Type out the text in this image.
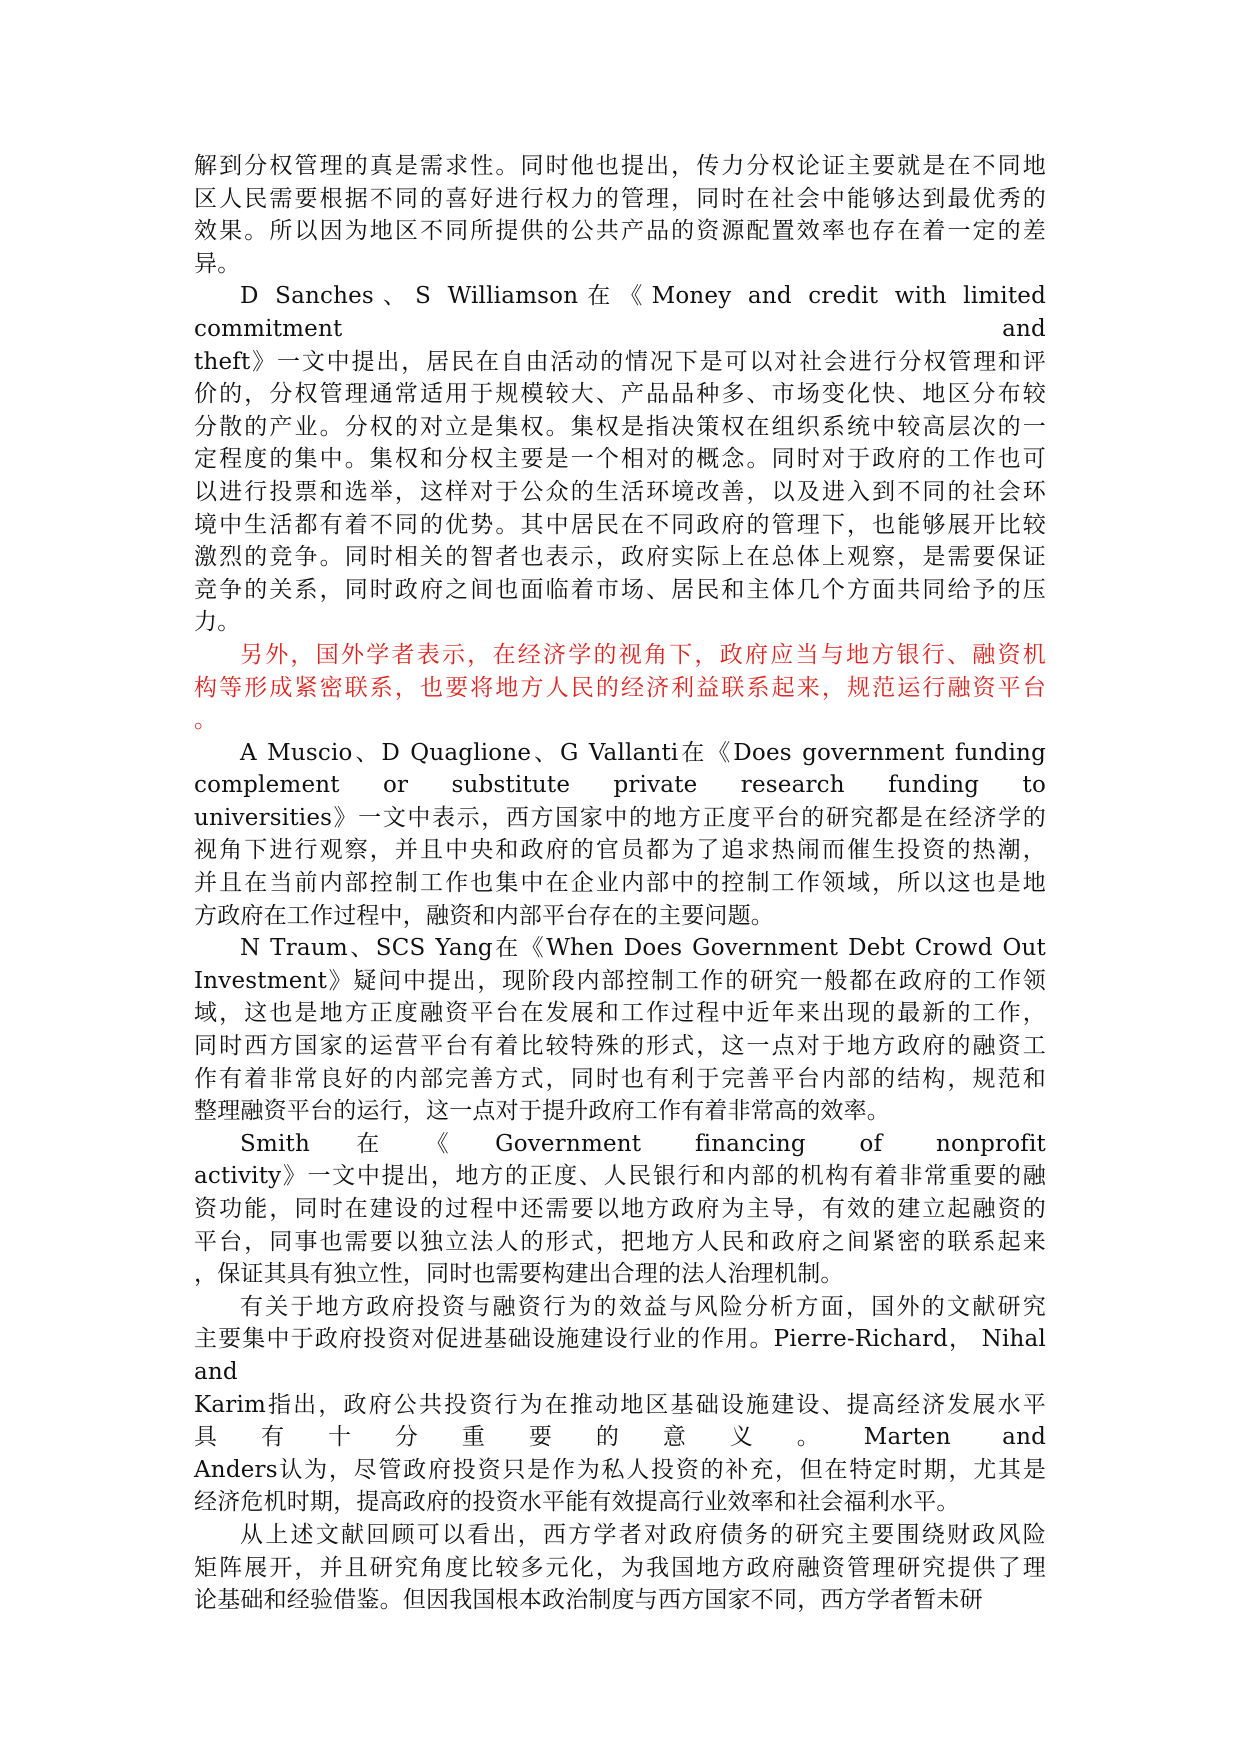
解到分权管理的真是需求性。同时他也提出，传力分权论证主要就是在不同地
区人民需要根据不同的喜好进行权力的管理，同时在社会中能够达到最优秀的
效果。所以因为地区不同所提供的公共产品的资源配置效率也存在着一定的差
异。
D Sanches、S Williamson在《Money and credit with limited commitment and
theft》一文中提出，居民在自由活动的情况下是可以对社会进行分权管理和评
价的，分权管理通常适用于规模较大、产品品种多、市场变化快、地区分布较
分散的产业。分权的对立是集权。集权是指决策权在组织系统中较高层次的一
定程度的集中。集权和分权主要是一个相对的概念。同时对于政府的工作也可
以进行投票和选举，这样对于公众的生活环境改善，以及进入到不同的社会环
境中生活都有着不同的优势。其中居民在不同政府的管理下，也能够展开比较
激烈的竞争。同时相关的智者也表示，政府实际上在总体上观察，是需要保证
竞争的关系，同时政府之间也面临着市场、居民和主体几个方面共同给予的压
力。
另外，国外学者表示，在经济学的视角下，政府应当与地方银行、融资机
构等形成紧密联系，也要将地方人民的经济利益联系起来，规范运行融资平台
。
A Muscio、D Quaglione、G Vallanti在《Does government funding
complement or substitute private research funding to
universities》一文中表示，西方国家中的地方正度平台的研究都是在经济学的
视角下进行观察，并且中央和政府的官员都为了追求热闹而催生投资的热潮，
并且在当前内部控制工作也集中在企业内部中的控制工作领域，所以这也是地
方政府在工作过程中，融资和内部平台存在的主要问题。
N Traum、SCS Yang在《When Does Government Debt Crowd Out
Investment》疑问中提出，现阶段内部控制工作的研究一般都在政府的工作领
域，这也是地方正度融资平台在发展和工作过程中近年来出现的最新的工作，
同时西方国家的运营平台有着比较特殊的形式，这一点对于地方政府的融资工
作有着非常良好的内部完善方式，同时也有利于完善平台内部的结构，规范和
整理融资平台的运行，这一点对于提升政府工作有着非常高的效率。
Smith在《Government financing of nonprofit
activity》一文中提出，地方的正度、人民银行和内部的机构有着非常重要的融
资功能，同时在建设的过程中还需要以地方政府为主导，有效的建立起融资的
平台，同事也需要以独立法人的形式，把地方人民和政府之间紧密的联系起来
，保证其具有独立性，同时也需要构建出合理的法人治理机制。
有关于地方政府投资与融资行为的效益与风险分析方面，国外的文献研究
主要集中于政府投资对促进基础设施建设行业的作用。Pierre-Richard， Nihal
and
Karim指出，政府公共投资行为在推动地区基础设施建设、提高经济发展水平
具有十分重要的意义。Marten and
Anders认为，尽管政府投资只是作为私人投资的补充，但在特定时期，尤其是
经济危机时期，提高政府的投资水平能有效提高行业效率和社会福利水平。
从上述文献回顾可以看出，西方学者对政府债务的研究主要围绕财政风险
矩阵展开，并且研究角度比较多元化，为我国地方政府融资管理研究提供了理
论基础和经验借鉴。但因我国根本政治制度与西方国家不同，西方学者暂未研
